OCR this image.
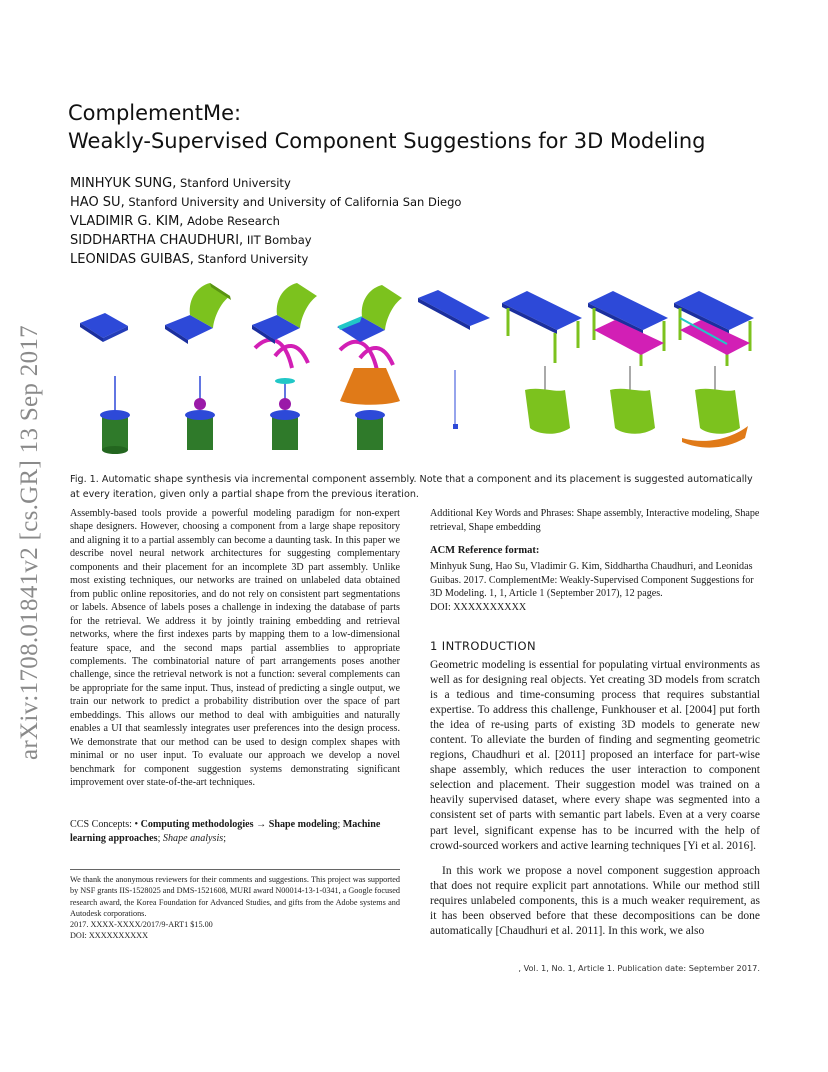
arXiv:1708.01841v2 [cs.GR] 13 Sep 2017
ComplementMe:
Weakly-Supervised Component Suggestions for 3D Modeling
MINHYUK SUNG, Stanford University
HAO SU, Stanford University and University of California San Diego
VLADIMIR G. KIM, Adobe Research
SIDDHARTHA CHAUDHURI, IIT Bombay
LEONIDAS GUIBAS, Stanford University
Fig. 1. Automatic shape synthesis via incremental component assembly. Note that a component and its placement is suggested automatically at every iteration, given only a partial shape from the previous iteration.
Assembly-based tools provide a powerful modeling paradigm for non-expert shape designers. However, choosing a component from a large shape repository and aligning it to a partial assembly can become a daunting task. In this paper we describe novel neural network architectures for suggesting complementary components and their placement for an incomplete 3D part assembly. Unlike most existing techniques, our networks are trained on unlabeled data obtained from public online repositories, and do not rely on consistent part segmentations or labels. Absence of labels poses a challenge in indexing the database of parts for the retrieval. We address it by jointly training embedding and retrieval networks, where the first indexes parts by mapping them to a low-dimensional feature space, and the second maps partial assemblies to appropriate complements. The combinatorial nature of part arrangements poses another challenge, since the retrieval network is not a function: several complements can be appropriate for the same input. Thus, instead of predicting a single output, we train our network to predict a probability distribution over the space of part embeddings. This allows our method to deal with ambiguities and naturally enables a UI that seamlessly integrates user preferences into the design process. We demonstrate that our method can be used to design complex shapes with minimal or no user input. To evaluate our approach we develop a novel benchmark for component suggestion systems demonstrating significant improvement over state-of-the-art techniques.
CCS Concepts: • Computing methodologies → Shape modeling; Machine learning approaches; Shape analysis;

We thank the anonymous reviewers for their comments and suggestions. This project was supported by NSF grants IIS-1528025 and DMS-1521608, MURI award N00014-13-1-0341, a Google focused research award, the Korea Foundation for Advanced Studies, and gifts from the Adobe systems and Autodesk corporations.

2017. XXXX-XXXX/2017/9-ART1 $15.00

DOI: XXXXXXXXXX

Additional Key Words and Phrases: Shape assembly, Interactive modeling, Shape retrieval, Shape embedding
ACM Reference format:

Minhyuk Sung, Hao Su, Vladimir G. Kim, Siddhartha Chaudhuri, and Leonidas Guibas. 2017. ComplementMe: Weakly-Supervised Component Suggestions for 3D Modeling. 1, 1, Article 1 (September 2017), 12 pages.

DOI: XXXXXXXXXX

1 INTRODUCTION
Geometric modeling is essential for populating virtual environments as well as for designing real objects. Yet creating 3D models from scratch is a tedious and time-consuming process that requires substantial expertise. To address this challenge, Funkhouser et al. [2004] put forth the idea of re-using parts of existing 3D models to generate new content. To alleviate the burden of finding and segmenting geometric regions, Chaudhuri et al. [2011] proposed an interface for part-wise shape assembly, which reduces the user interaction to component selection and placement. Their suggestion model was trained on a heavily supervised dataset, where every shape was segmented into a consistent set of parts with semantic part labels. Even at a very coarse part level, significant expense has to be incurred with the help of crowd-sourced workers and active learning techniques [Yi et al. 2016].
In this work we propose a novel component suggestion approach that does not require explicit part annotations. While our method still requires unlabeled components, this is a much weaker requirement, as it has been observed before that these decompositions can be done automatically [Chaudhuri et al. 2011]. In this work, we also
, Vol. 1, No. 1, Article 1. Publication date: September 2017.
